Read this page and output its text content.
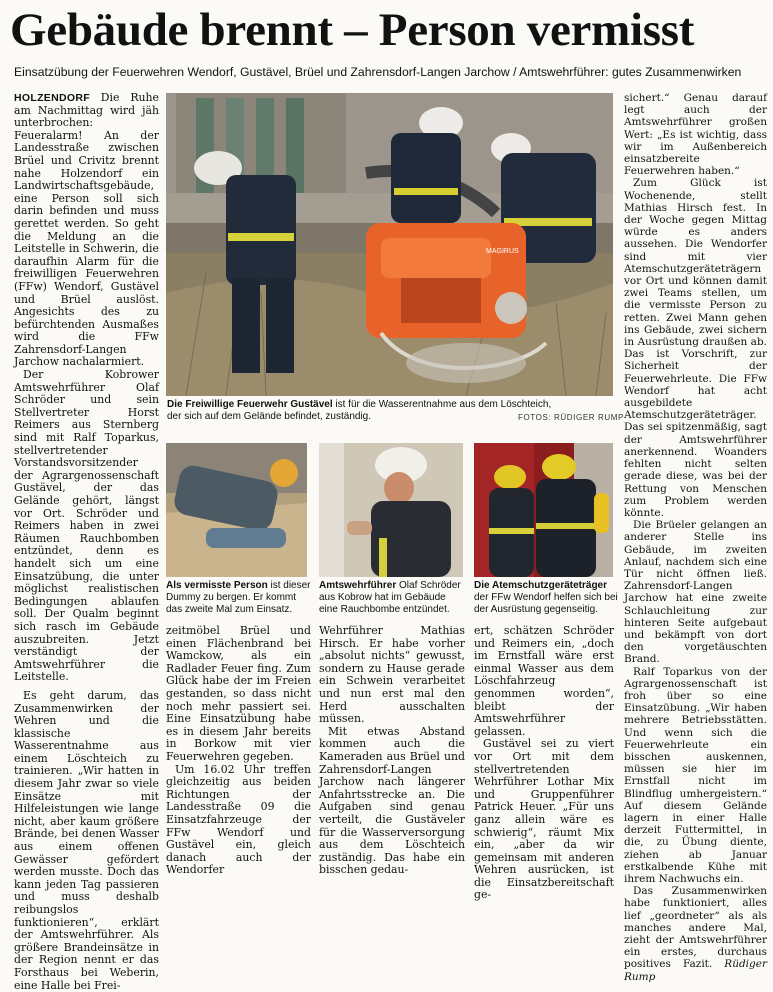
Gebäude brennt – Person vermisst

Einsatzübung der Feuerwehren Wendorf, Gustävel, Brüel und Zahrensdorf-Langen Jarchow / Amtswehrführer: gutes Zusammenwirken

HOLZENDORF Die Ruhe am Nachmittag wird jäh unterbrochen: Feueralarm! An der Landesstraße zwischen Brüel und Crivitz brennt nahe Holzendorf ein Landwirtschaftsgebäude, eine Person soll sich darin befinden und muss gerettet werden. So geht die Meldung an die Leitstelle in Schwerin, die daraufhin Alarm für die freiwilligen Feuerwehren (FFw) Wendorf, Gustävel und Brüel auslöst. Angesichts des zu befürchtenden Ausmaßes wird die FFw Zahrensdorf-Langen Jarchow nachalarmiert.

Der Kobrower Amtswehrführer Olaf Schröder und sein Stellvertreter Horst Reimers aus Sternberg sind mit Ralf Toparkus, stellvertretender Vorstandsvorsitzender der Agrargenossenschaft Gustävel, der das Gelände gehört, längst vor Ort. Schröder und Reimers haben in zwei Räumen Rauchbomben entzündet, denn es handelt sich um eine Einsatzübung, die unter möglichst realistischen Bedingungen ablaufen soll. Der Qualm beginnt sich rasch im Gebäude auszubreiten. Jetzt verständigt der Amtswehrführer die Leitstelle.

Es geht darum, das Zusammenwirken der Wehren und die klassische Wasserentnahme aus einem Löschteich zu trainieren. „Wir hatten in diesem Jahr zwar so viele Einsätze mit Hilfeleistungen wie lange nicht, aber kaum größere Brände, bei denen Wasser aus einem offenen Gewässer gefördert werden musste. Doch das kann jeden Tag passieren und muss deshalb reibungslos funktionieren“, erklärt der Amtswehrführer. Als größere Brandeinsätze in der Region nennt er das Forsthaus bei Weberin, eine Halle bei Frei-

MAGIRUS
Die Freiwillige Feuerwehr Gustävel ist für die Wasserentnahme aus dem Löschteich, der sich auf dem Gelände befindet, zuständig.	FOTOS: RÜDIGER RUMP
Als vermisste Person ist dieser Dummy zu bergen. Er kommt das zweite Mal zum Einsatz.
Amtswehrführer Olaf Schröder aus Kobrow hat im Gebäude eine Rauchbombe entzündet.
Die Atemschutzgeräteträger der FFw Wendorf helfen sich bei der Ausrüstung gegenseitig.

zeitmöbel Brüel und einen Flächenbrand bei Wamckow, als ein Radlader Feuer fing. Zum Glück habe der im Freien gestanden, so dass nicht noch mehr passiert sei. Eine Einsatzübung habe es in diesem Jahr bereits in Borkow mit vier Feuerwehren gegeben.

Um 16.02 Uhr treffen gleichzeitig aus beiden Richtungen der Landesstraße 09 die Einsatzfahrzeuge der FFw Wendorf und Gustävel ein, gleich danach auch der Wendorfer

Wehrführer Mathias Hirsch. Er habe vorher „absolut nichts“ gewusst, sondern zu Hause gerade ein Schwein verarbeitet und nun erst mal den Herd ausschalten müssen.

Mit etwas Abstand kommen auch die Kameraden aus Brüel und Zahrensdorf-Langen Jarchow nach längerer Anfahrtsstrecke an. Die Aufgaben sind genau verteilt, die Gustäveler für die Wasserversorgung aus dem Löschteich zuständig. Das habe ein bisschen gedau-

ert, schätzen Schröder und Reimers ein, „doch im Ernstfall wäre erst einmal Wasser aus dem Löschfahrzeug genommen worden“, bleibt der Amtswehrführer gelassen.

Gustävel sei zu viert vor Ort mit dem stellvertretenden Wehrführer Lothar Mix und Gruppenführer Patrick Heuer. „Für uns ganz allein wäre es schwierig“, räumt Mix ein, „aber da wir gemeinsam mit anderen Wehren ausrücken, ist die Einsatzbereitschaft ge-

sichert.“ Genau darauf legt auch der Amtswehrführer großen Wert: „Es ist wichtig, dass wir im Außenbereich einsatzbereite Feuerwehren haben.“

Zum Glück ist Wochenende, stellt Mathias Hirsch fest. In der Woche gegen Mittag würde es anders aussehen. Die Wendorfer sind mit vier Atemschutzgeräteträgern vor Ort und können damit zwei Teams stellen, um die vermisste Person zu retten. Zwei Mann gehen ins Gebäude, zwei sichern in Ausrüstung draußen ab. Das ist Vorschrift, zur Sicherheit der Feuerwehrleute. Die FFw Wendorf hat acht ausgebildete Atemschutzgeräteträger. Das sei spitzenmäßig, sagt der Amtswehrführer anerkennend. Woanders fehlten nicht selten gerade diese, was bei der Rettung von Menschen zum Problem werden könnte.

Die Brüeler gelangen an anderer Stelle ins Gebäude, im zweiten Anlauf, nachdem sich eine Tür nicht öffnen ließ. Zahrensdorf-Langen Jarchow hat eine zweite Schlauchleitung zur hinteren Seite aufgebaut und bekämpft von dort den vorgetäuschten Brand.

Ralf Toparkus von der Agrargenossenschaft ist froh über so eine Einsatzübung. „Wir haben mehrere Betriebsstätten. Und wenn sich die Feuerwehrleute ein bisschen auskennen, müssen sie hier im Ernstfall nicht im Blindflug umhergeistern.“ Auf diesem Gelände lagern in einer Halle derzeit Futtermittel, in die, zu Übung diente, ziehen ab Januar erstkalbende Kühe mit ihrem Nachwuchs ein.

Das Zusammenwirken habe funktioniert, alles lief „geordneter“ als als manches andere Mal, zieht der Amtswehrführer ein erstes, durchaus positives Fazit. Rüdiger Rump
